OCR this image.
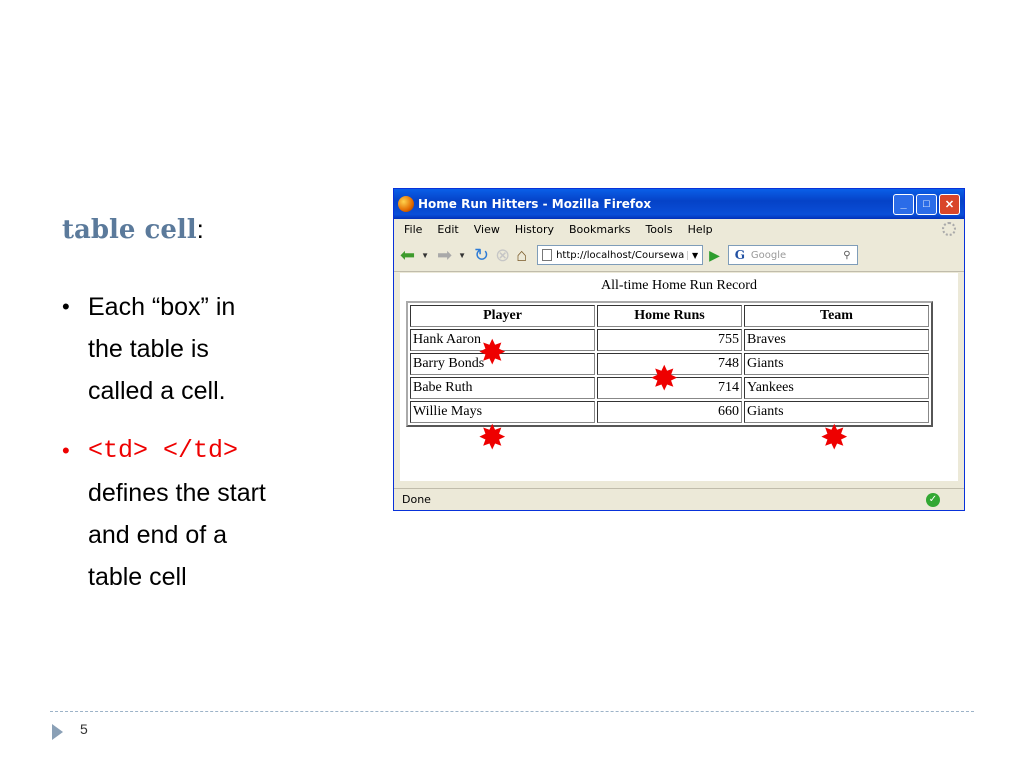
table cell:
• Each “box” in
the table is
called a cell.
• <td> </td>
defines the start
and end of a
table cell
Home Run Hitters - Mozilla Firefox	_	□	✕
File Edit View History Bookmarks Tools Help
⬅ ▼ ➡ ▼ ↻ ⊗ ⌂	http://localhost/Coursewa ▼ ▶	G Google	⚲
All-time Home Run Record
Player	Home Runs	Team
Hank Aaron	755	Braves
Barry Bonds	748	Giants
Babe Ruth	714	Yankees
Willie Mays	660	Giants
✸
✸
✸	✸
Done	✓
5
